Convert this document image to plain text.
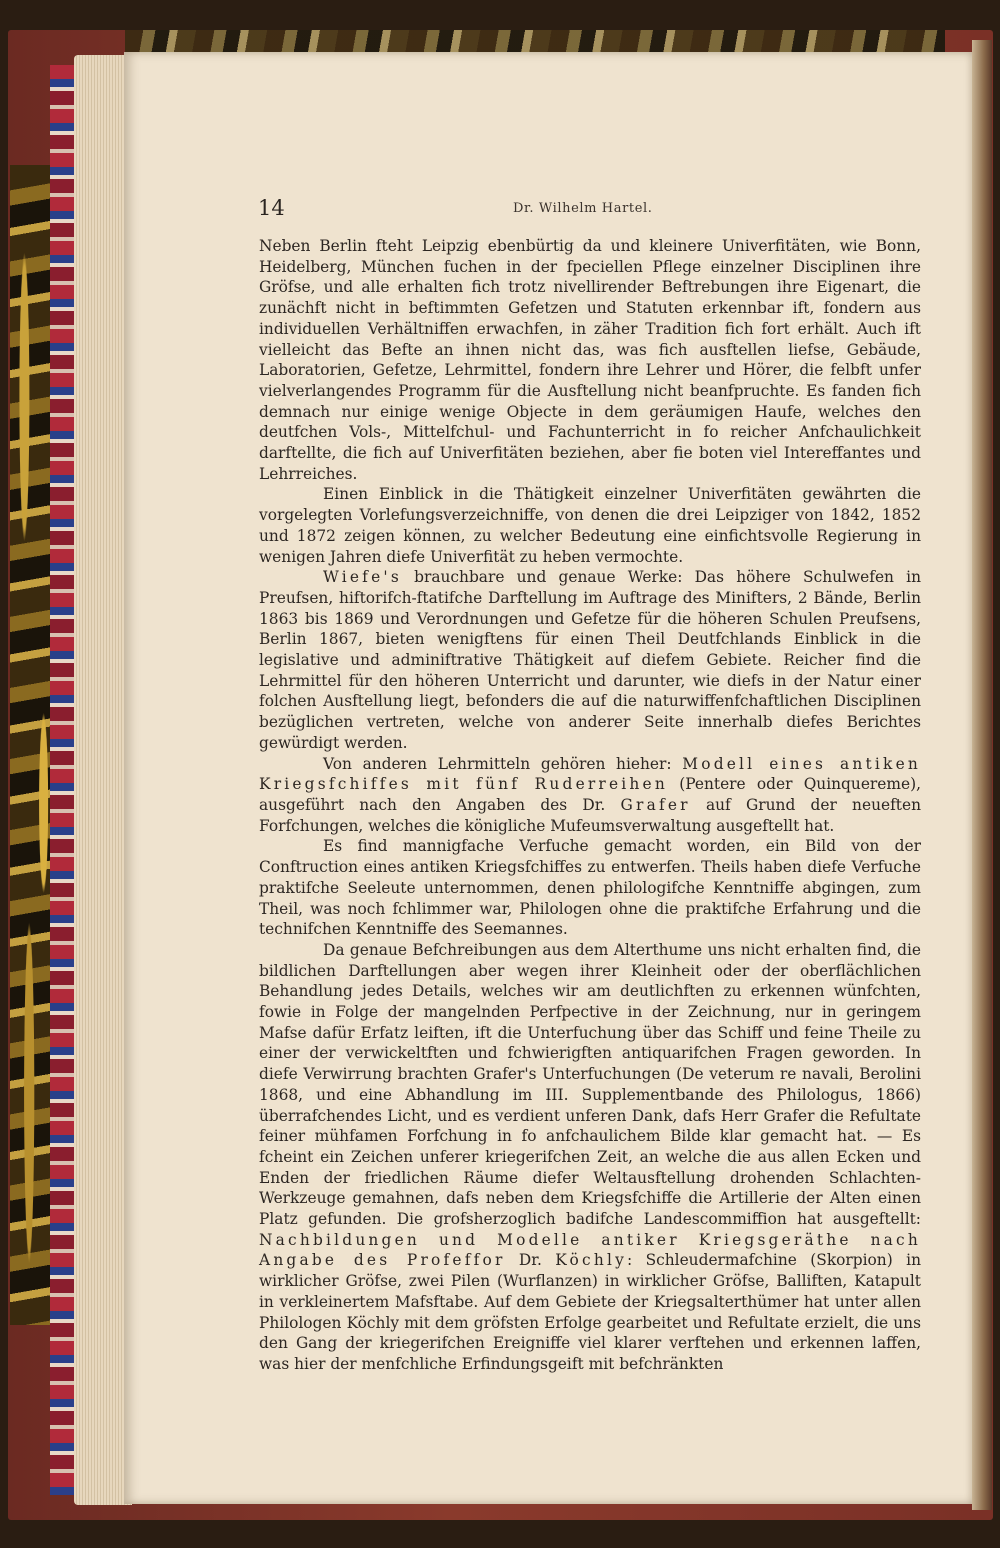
14	Dr. Wilhelm Hartel.

Neben Berlin fteht Leipzig ebenbürtig da und kleinere Univerfitäten, wie Bonn, Heidelberg, München fuchen in der fpeciellen Pflege einzelner Disciplinen ihre Gröfse, und alle erhalten fich trotz nivellirender Beftrebungen ihre Eigenart, die zunächft nicht in beftimmten Gefetzen und Statuten erkennbar ift, fondern aus individuellen Verhältniffen erwachfen, in zäher Tradition fich fort erhält. Auch ift vielleicht das Befte an ihnen nicht das, was fich ausftellen liefse, Gebäude, Laboratorien, Gefetze, Lehrmittel, fondern ihre Lehrer und Hörer, die felbft unfer vielverlangendes Programm für die Ausftellung nicht beanfpruchte. Es fanden fich demnach nur einige wenige Objecte in dem geräumigen Haufe, welches den deutfchen Vols-, Mittelfchul- und Fachunterricht in fo reicher Anfchaulichkeit darftellte, die fich auf Univerfitäten beziehen, aber fie boten viel Intereffantes und Lehrreiches.

Einen Einblick in die Thätigkeit einzelner Univerfitäten gewährten die vorgelegten Vorlefungsverzeichniffe, von denen die drei Leipziger von 1842, 1852 und 1872 zeigen können, zu welcher Bedeutung eine einfichtsvolle Regierung in wenigen Jahren diefe Univerfität zu heben vermochte.

Wiefe's brauchbare und genaue Werke: Das höhere Schulwefen in Preufsen, hiftorifch-ftatifche Darftellung im Auftrage des Minifters, 2 Bände, Berlin 1863 bis 1869 und Verordnungen und Gefetze für die höheren Schulen Preufsens, Berlin 1867, bieten wenigftens für einen Theil Deutfchlands Einblick in die legislative und adminiftrative Thätigkeit auf diefem Gebiete. Reicher find die Lehrmittel für den höheren Unterricht und darunter, wie diefs in der Natur einer folchen Ausftellung liegt, befonders die auf die naturwiffenfchaftlichen Disciplinen bezüglichen vertreten, welche von anderer Seite innerhalb diefes Berichtes gewürdigt werden.

Von anderen Lehrmitteln gehören hieher: Modell eines antiken Kriegsfchiffes mit fünf Ruderreihen (Pentere oder Quinquereme), ausgeführt nach den Angaben des Dr. Grafer auf Grund der neueften Forfchungen, welches die königliche Mufeumsverwaltung ausgeftellt hat.

Es find mannigfache Verfuche gemacht worden, ein Bild von der Conftruction eines antiken Kriegsfchiffes zu entwerfen. Theils haben diefe Verfuche praktifche Seeleute unternommen, denen philologifche Kenntniffe abgingen, zum Theil, was noch fchlimmer war, Philologen ohne die praktifche Erfahrung und die technifchen Kenntniffe des Seemannes.

Da genaue Befchreibungen aus dem Alterthume uns nicht erhalten find, die bildlichen Darftellungen aber wegen ihrer Kleinheit oder der oberflächlichen Behandlung jedes Details, welches wir am deutlichften zu erkennen wünfchten, fowie in Folge der mangelnden Perfpective in der Zeichnung, nur in geringem Mafse dafür Erfatz leiften, ift die Unterfuchung über das Schiff und feine Theile zu einer der verwickeltften und fchwierigften antiquarifchen Fragen geworden. In diefe Verwirrung brachten Grafer's Unterfuchungen (De veterum re navali, Berolini 1868, und eine Abhandlung im III. Supplementbande des Philologus, 1866) überrafchendes Licht, und es verdient unferen Dank, dafs Herr Grafer die Refultate feiner mühfamen Forfchung in fo anfchaulichem Bilde klar gemacht hat. — Es fcheint ein Zeichen unferer kriegerifchen Zeit, an welche die aus allen Ecken und Enden der friedlichen Räume diefer Weltausftellung drohenden Schlachten-Werkzeuge gemahnen, dafs neben dem Kriegsfchiffe die Artillerie der Alten einen Platz gefunden. Die grofsherzoglich badifche Landescommiffion hat ausgeftellt: Nachbildungen und Modelle antiker Kriegsgeräthe nach Angabe des Profeffor Dr. Köchly: Schleudermafchine (Skorpion) in wirklicher Gröfse, zwei Pilen (Wurflanzen) in wirklicher Gröfse, Balliften, Katapult in verkleinertem Mafsftabe. Auf dem Gebiete der Kriegsalterthümer hat unter allen Philologen Köchly mit dem gröfsten Erfolge gearbeitet und Refultate erzielt, die uns den Gang der kriegerifchen Ereigniffe viel klarer verftehen und erkennen laffen, was hier der menfchliche Erfindungsgeift mit befchränkten
